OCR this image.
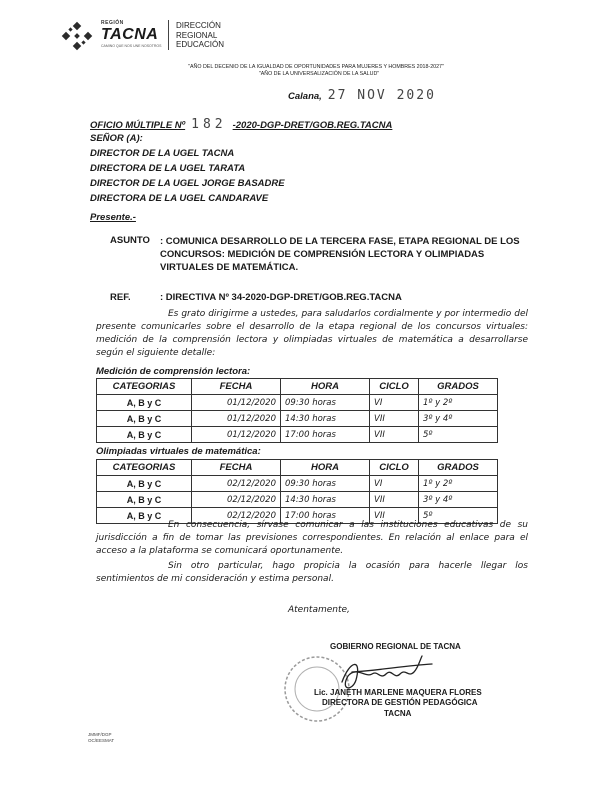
REGIÓN
TACNA
CAMINO QUE NOS UNE NOSOTROS
DIRECCIÓN
REGIONAL
EDUCACIÓN
"AÑO DEL DECENIO DE LA IGUALDAD DE OPORTUNIDADES PARA MUJERES Y HOMBRES 2018-2027"
"AÑO DE LA UNIVERSALIZACIÓN DE LA SALUD"
Calana, 27 NOV 2020
OFICIO MÚLTIPLE Nº 182 -2020-DGP-DRET/GOB.REG.TACNA
SEÑOR (A):
DIRECTOR DE LA UGEL TACNA
DIRECTORA DE LA UGEL TARATA
DIRECTOR DE LA UGEL JORGE BASADRE
DIRECTORA DE LA UGEL CANDARAVE
Presente.-
ASUNTO : COMUNICA DESARROLLO DE LA TERCERA FASE, ETAPA REGIONAL DE LOS CONCURSOS: MEDICIÓN DE COMPRENSIÓN LECTORA Y OLIMPIADAS VIRTUALES DE MATEMÁTICA.
REF.	: DIRECTIVA Nº 34-2020-DGP-DRET/GOB.REG.TACNA
Es grato dirigirme a ustedes, para saludarlos cordialmente y por intermedio del presente comunicarles sobre el desarrollo de la etapa regional de los concursos virtuales: medición de la comprensión lectora y olimpiadas virtuales de matemática a desarrollarse según el siguiente detalle:
Medición de comprensión lectora:
CATEGORIAS	FECHA	HORA	CICLO	GRADOS
A, B y C	01/12/2020	09:30 horas	VI	1º y 2º
A, B y C	01/12/2020	14:30 horas	VII	3º y 4º
A, B y C	01/12/2020	17:00 horas	VII	5º
Olimpiadas virtuales de matemática:
CATEGORIAS	FECHA	HORA	CICLO	GRADOS
A, B y C	02/12/2020	09:30 horas	VI	1º y 2º
A, B y C	02/12/2020	14:30 horas	VII	3º y 4º
A, B y C	02/12/2020	17:00 horas	VII	5º
En consecuencia, sírvase comunicar a las instituciones educativas de su jurisdicción a fin de tomar las previsiones correspondientes. En relación al enlace para el acceso a la plataforma se comunicará oportunamente.
Sin otro particular, hago propicia la ocasión para hacerle llegar los sentimientos de mi consideración y estima personal.
Atentamente,
GOBIERNO REGIONAL DE TACNA
Lic. JANETH MARLENE MAQUERA FLORES
DIRECTORA DE GESTIÓN PEDAGÓGICA
TACNA
JMMF/DGP
OC/EESMAT
